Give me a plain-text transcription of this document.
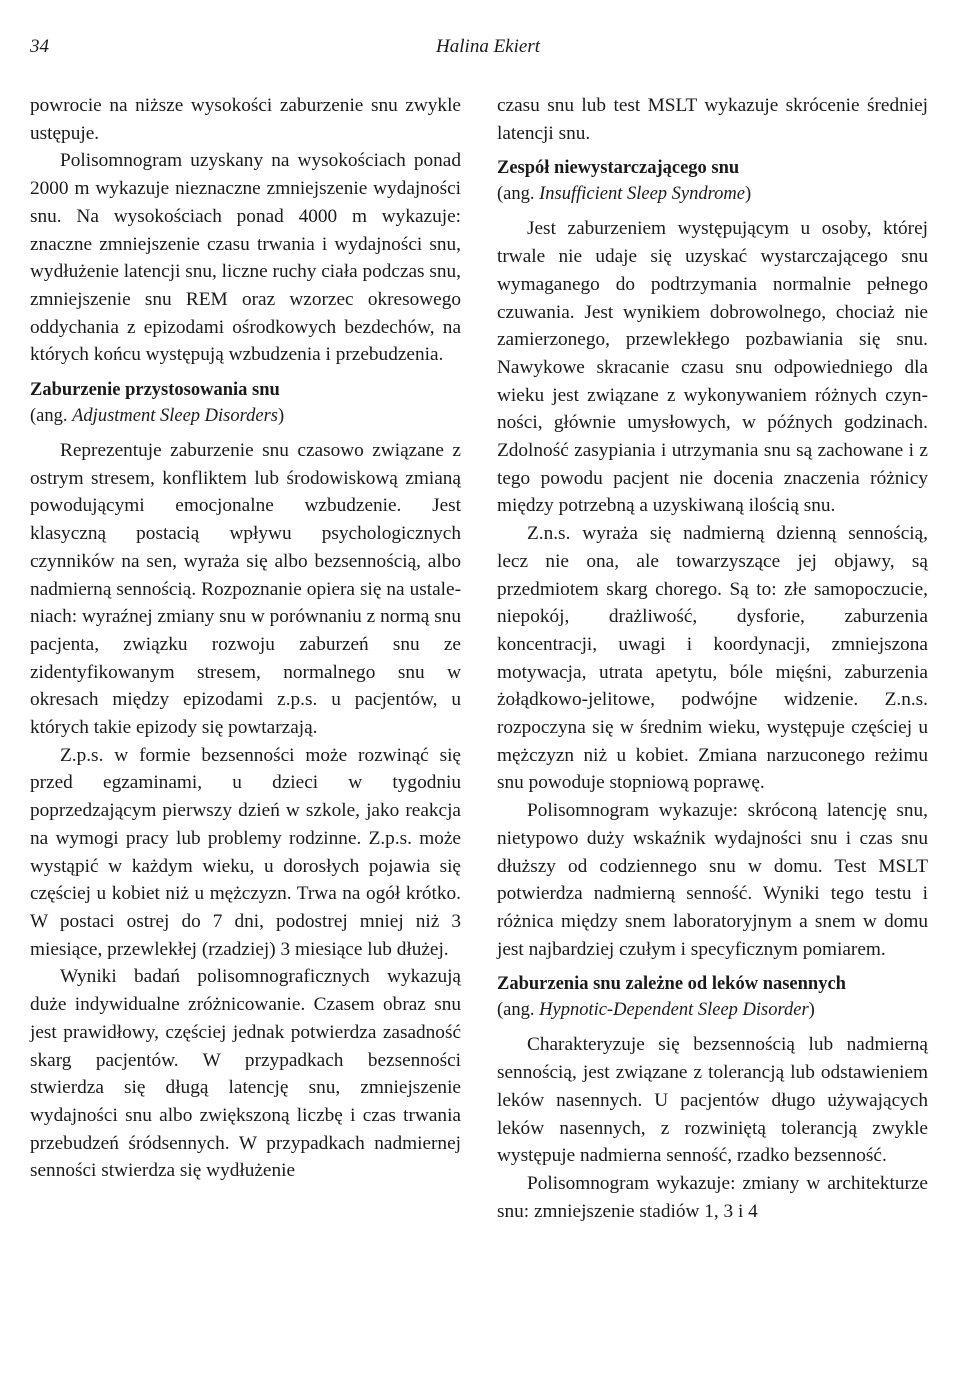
34	Halina Ekiert

powrocie na niższe wysokości zaburzenie snu zwykle ustępuje.

Polisomnogram uzyskany na wysokościach ponad 2000 m wykazuje nieznaczne zmniejszenie wydajności snu. Na wysokościach ponad 4000 m wykazuje: znaczne zmniejszenie czasu trwania i wydajności snu, wydłużenie latencji snu, liczne ruchy ciała podczas snu, zmniejszenie snu REM oraz wzorzec okresowego oddychania z epizodami ośrodkowych bezdechów, na których końcu występują wzbudzenia i przebudzenia.

Zaburzenie przystosowania snu
(ang. Adjustment Sleep Disorders)

Reprezentuje zaburzenie snu czasowo związane z ostrym stresem, konfliktem lub środowiskową zmianą powodującymi emocjonalne wzbudzenie. Jest klasyczną postacią wpływu psychologicznych czynników na sen, wyraża się albo bezsennością, albo nadmierną sennością. Rozpoznanie opiera się na ustaleniach: wyraźnej zmiany snu w porównaniu z normą snu pacjenta, związku rozwoju zaburzeń snu ze zidentyfikowanym stresem, normalnego snu w okresach między epizodami z.p.s. u pacjentów, u których takie epizody się powtarzają.

Z.p.s. w formie bezsenności może rozwinąć się przed egzaminami, u dzieci w tygodniu poprzedzającym pierwszy dzień w szkole, jako reakcja na wymogi pracy lub problemy rodzinne. Z.p.s. może wystąpić w każdym wieku, u dorosłych pojawia się częściej u kobiet niż u mężczyzn. Trwa na ogół krótko. W postaci ostrej do 7 dni, podostrej mniej niż 3 miesiące, przewlekłej (rzadziej) 3 miesiące lub dłużej.

Wyniki badań polisomnograficznych wykazują duże indywidualne zróżnicowanie. Czasem obraz snu jest prawidłowy, częściej jednak potwierdza zasadność skarg pacjentów. W przypadkach bezsenności stwierdza się długą latencję snu, zmniejszenie wydajności snu albo zwiększoną liczbę i czas trwania przebudzeń śródsennych. W przypadkach nadmiernej senności stwierdza się wydłużenie

czasu snu lub test MSLT wykazuje skrócenie średniej latencji snu.

Zespół niewystarczającego snu
(ang. Insufficient Sleep Syndrome)

Jest zaburzeniem występującym u osoby, której trwale nie udaje się uzyskać wystarczającego snu wymaganego do podtrzymania normalnie pełnego czuwania. Jest wynikiem dobrowolnego, chociaż nie zamierzonego, przewlekłego pozbawiania się snu. Nawykowe skracanie czasu snu odpowiedniego dla wieku jest związane z wykonywaniem różnych czynności, głównie umysłowych, w późnych godzinach. Zdolność zasypiania i utrzymania snu są zachowane i z tego powodu pacjent nie docenia znaczenia różnicy między potrzebną a uzyskiwaną ilością snu.

Z.n.s. wyraża się nadmierną dzienną sennością, lecz nie ona, ale towarzyszące jej objawy, są przedmiotem skarg chorego. Są to: złe samopoczucie, niepokój, drażliwość, dysforie, zaburzenia koncentracji, uwagi i koordynacji, zmniejszona motywacja, utrata apetytu, bóle mięśni, zaburzenia żołądkowo-jelitowe, podwójne widzenie. Z.n.s. rozpoczyna się w średnim wieku, występuje częściej u mężczyzn niż u kobiet. Zmiana narzuconego reżimu snu powoduje stopniową poprawę.

Polisomnogram wykazuje: skróconą latencję snu, nietypowo duży wskaźnik wydajności snu i czas snu dłuższy od codziennego snu w domu. Test MSLT potwierdza nadmierną senność. Wyniki tego testu i różnica między snem laboratoryjnym a snem w domu jest najbardziej czułym i specyficznym pomiarem.

Zaburzenia snu zależne od leków nasennych
(ang. Hypnotic-Dependent Sleep Disorder)

Charakteryzuje się bezsennością lub nadmierną sennością, jest związane z tolerancją lub odstawieniem leków nasennych. U pacjentów długo używających leków nasennych, z rozwiniętą tolerancją zwykle występuje nadmierna senność, rzadko bezsenność.

Polisomnogram wykazuje: zmiany w architekturze snu: zmniejszenie stadiów 1, 3 i 4
